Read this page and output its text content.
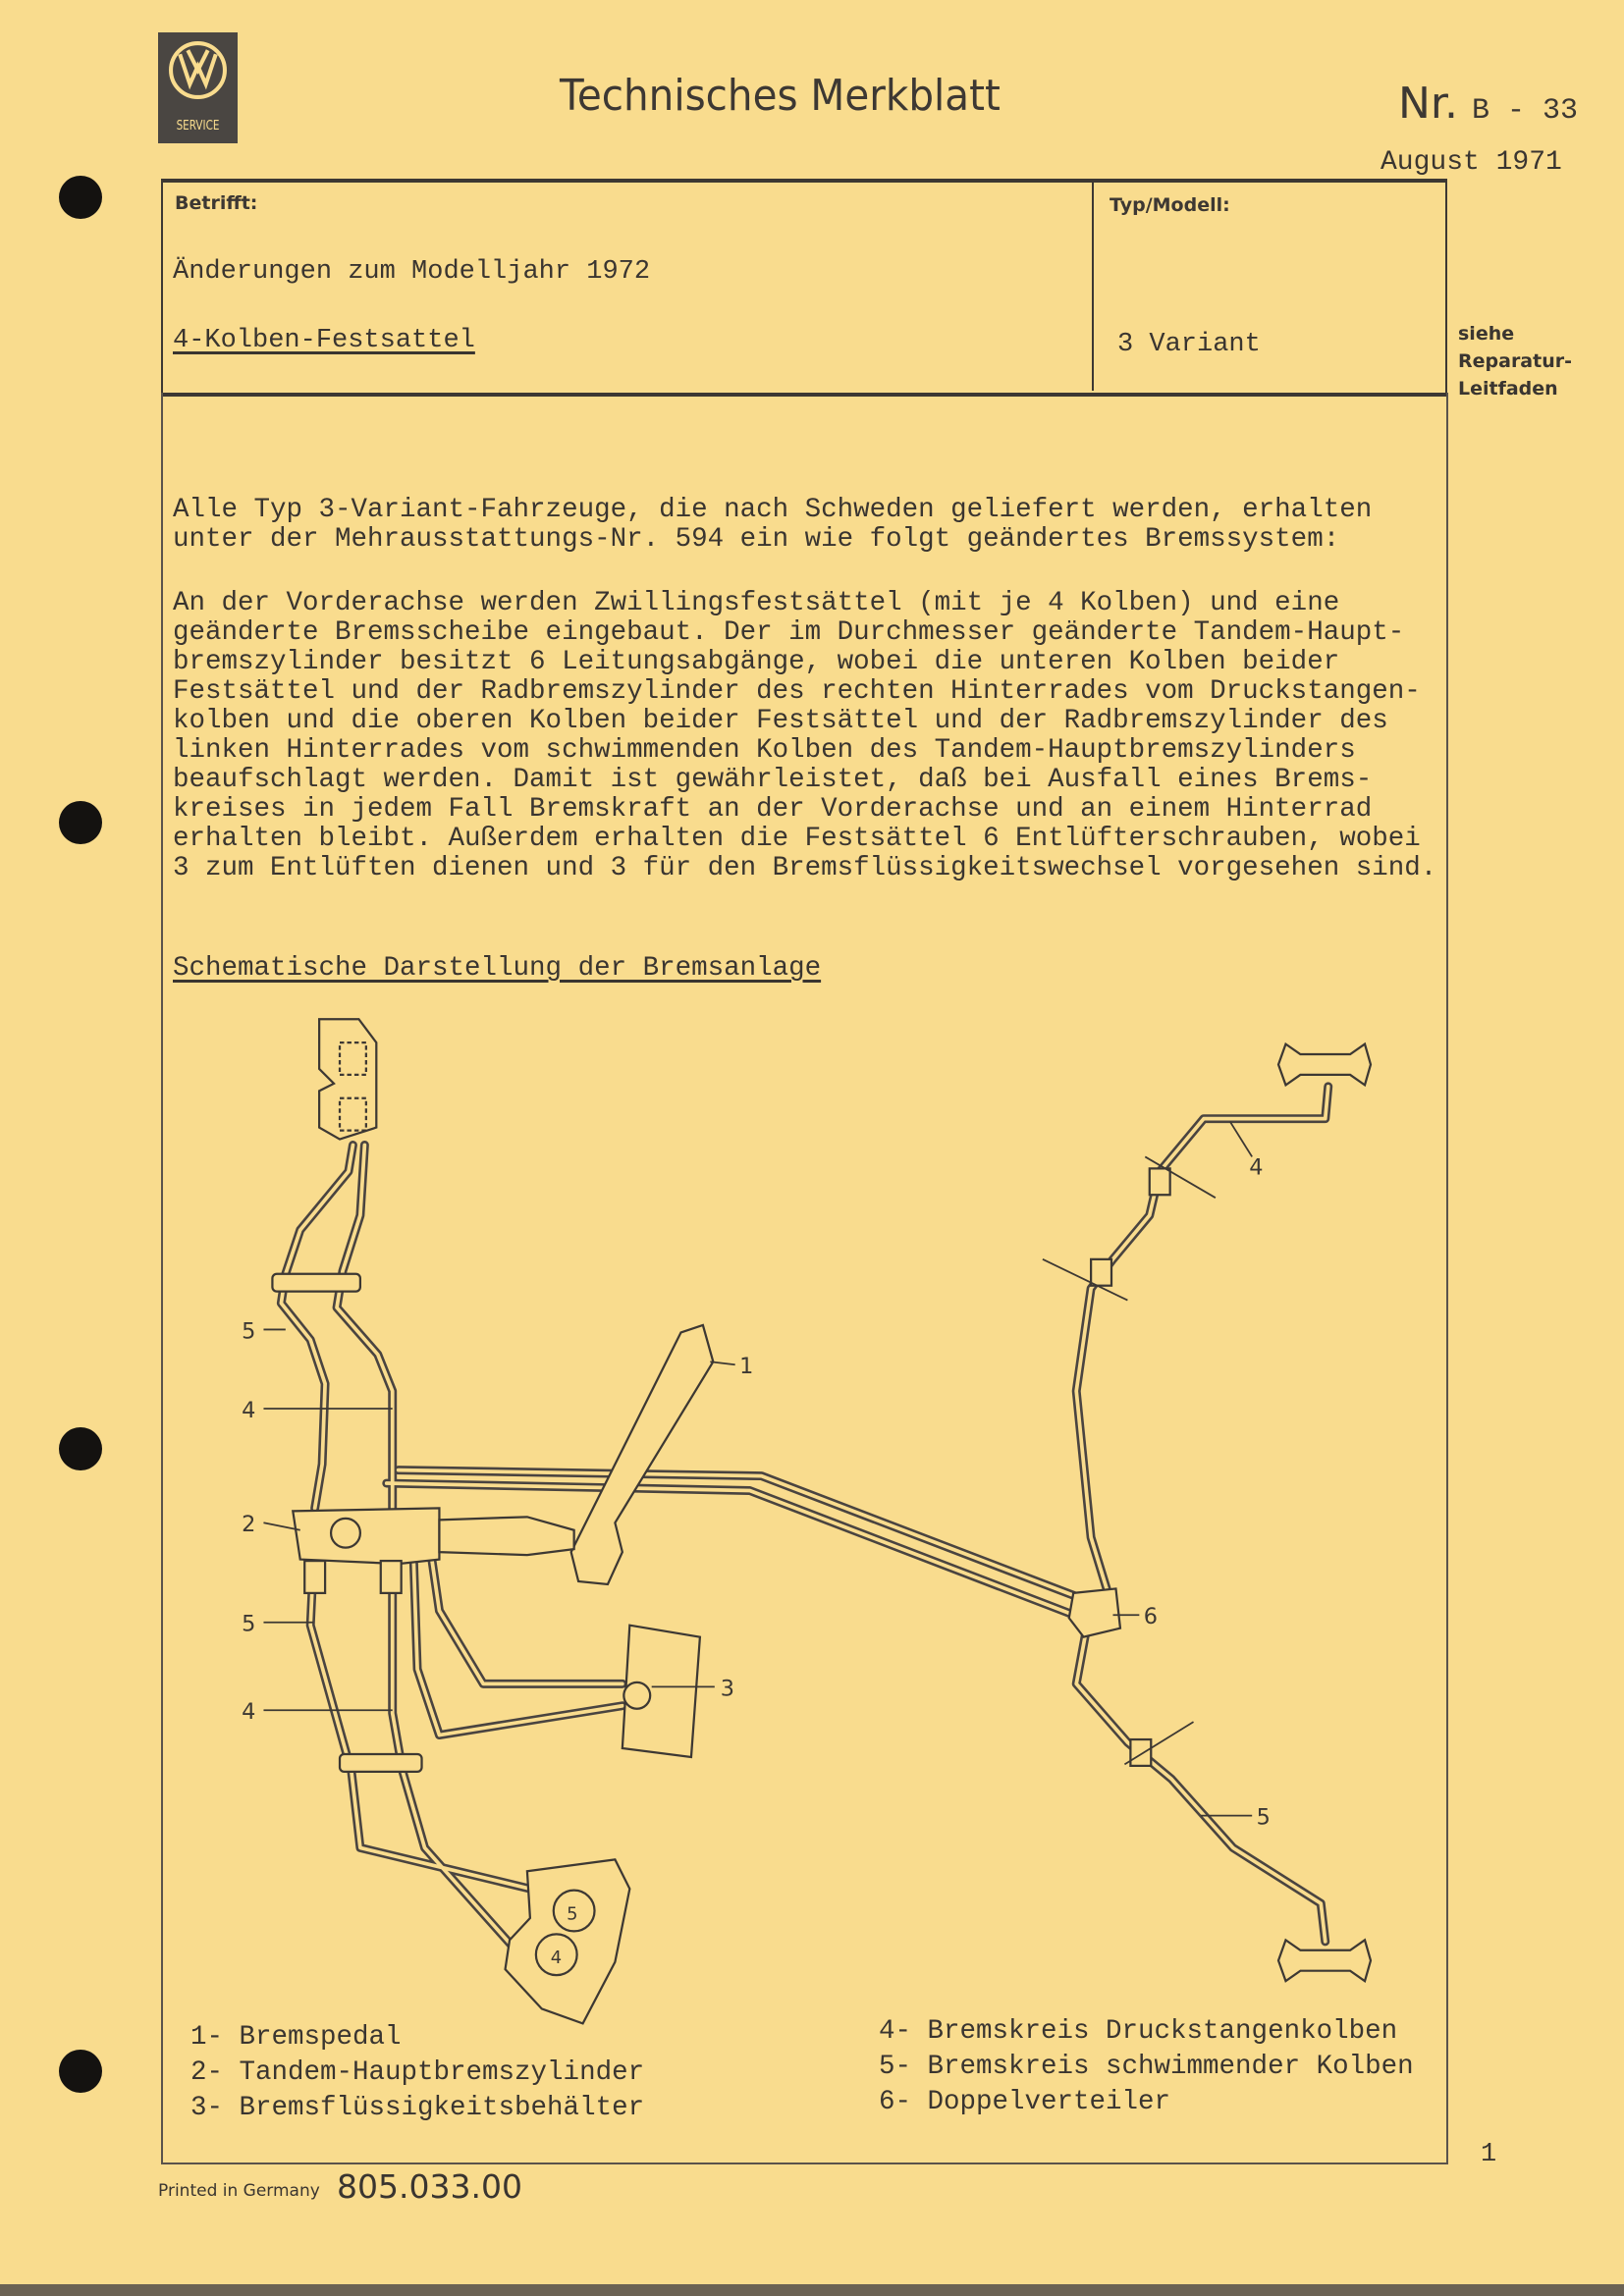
SERVICE
Technisches Merkblatt	Nr. B - 33
August 1971
Betrifft:
Änderungen zum Modelljahr 1972
4-Kolben-Festsattel
Typ/Modell:
3 Variant	siehe
Reparatur-
Leitfaden
Alle Typ 3-Variant-Fahrzeuge, die nach Schweden geliefert werden, erhalten
unter der Mehrausstattungs-Nr. 594 ein wie folgt geändertes Bremssystem:
An der Vorderachse werden Zwillingsfestsättel (mit je 4 Kolben) und eine
geänderte Bremsscheibe eingebaut. Der im Durchmesser geänderte Tandem-Haupt-
bremszylinder besitzt 6 Leitungsabgänge, wobei die unteren Kolben beider
Festsättel und der Radbremszylinder des rechten Hinterrades vom Druckstangen-
kolben und die oberen Kolben beider Festsättel und der Radbremszylinder des
linken Hinterrades vom schwimmenden Kolben des Tandem-Hauptbremszylinders
beaufschlagt werden. Damit ist gewährleistet, daß bei Ausfall eines Brems-
kreises in jedem Fall Bremskraft an der Vorderachse und an einem Hinterrad
erhalten bleibt. Außerdem erhalten die Festsättel 6 Entlüfterschrauben, wobei
3 zum Entlüften dienen und 3 für den Bremsflüssigkeitswechsel vorgesehen sind.
Schematische Darstellung der Bremsanlage
1
2
3
4
5
5
4
6
4
5
5
4
1- Bremspedal
2- Tandem-Hauptbremszylinder
3- Bremsflüssigkeitsbehälter
4- Bremskreis Druckstangenkolben
5- Bremskreis schwimmender Kolben
6- Doppelverteiler
1
Printed in Germany 805.033.00
